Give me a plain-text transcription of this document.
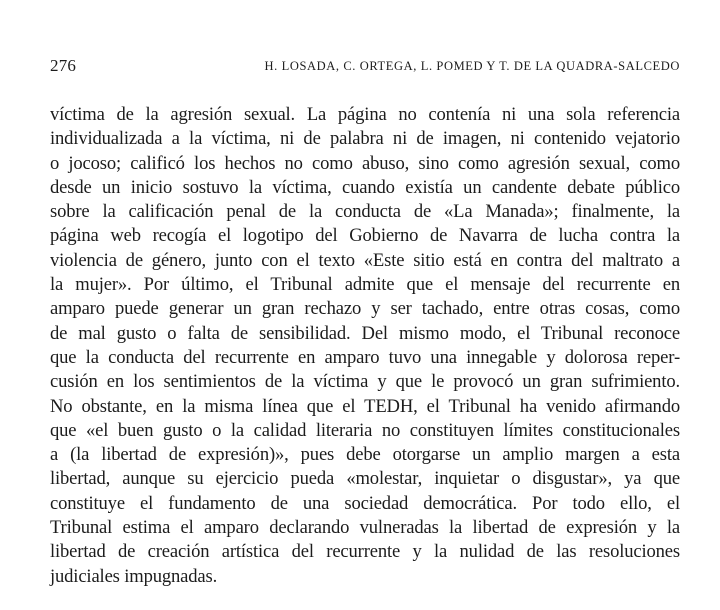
276	H. LOSADA, C. ORTEGA, L. POMED Y T. DE LA QUADRA-SALCEDO
víctima de la agresión sexual. La página no contenía ni una sola referencia
individualizada a la víctima, ni de palabra ni de imagen, ni contenido vejatorio
o jocoso; calificó los hechos no como abuso, sino como agresión sexual, como
desde un inicio sostuvo la víctima, cuando existía un candente debate público
sobre la calificación penal de la conducta de «La Manada»; finalmente, la
página web recogía el logotipo del Gobierno de Navarra de lucha contra la
violencia de género, junto con el texto «Este sitio está en contra del maltrato a
la mujer». Por último, el Tribunal admite que el mensaje del recurrente en
amparo puede generar un gran rechazo y ser tachado, entre otras cosas, como
de mal gusto o falta de sensibilidad. Del mismo modo, el Tribunal reconoce
que la conducta del recurrente en amparo tuvo una innegable y dolorosa reper-
cusión en los sentimientos de la víctima y que le provocó un gran sufrimiento.
No obstante, en la misma línea que el TEDH, el Tribunal ha venido afirmando
que «el buen gusto o la calidad literaria no constituyen límites constitucionales
a (la libertad de expresión)», pues debe otorgarse un amplio margen a esta
libertad, aunque su ejercicio pueda «molestar, inquietar o disgustar», ya que
constituye el fundamento de una sociedad democrática. Por todo ello, el
Tribunal estima el amparo declarando vulneradas la libertad de expresión y la
libertad de creación artística del recurrente y la nulidad de las resoluciones
judiciales impugnadas.
